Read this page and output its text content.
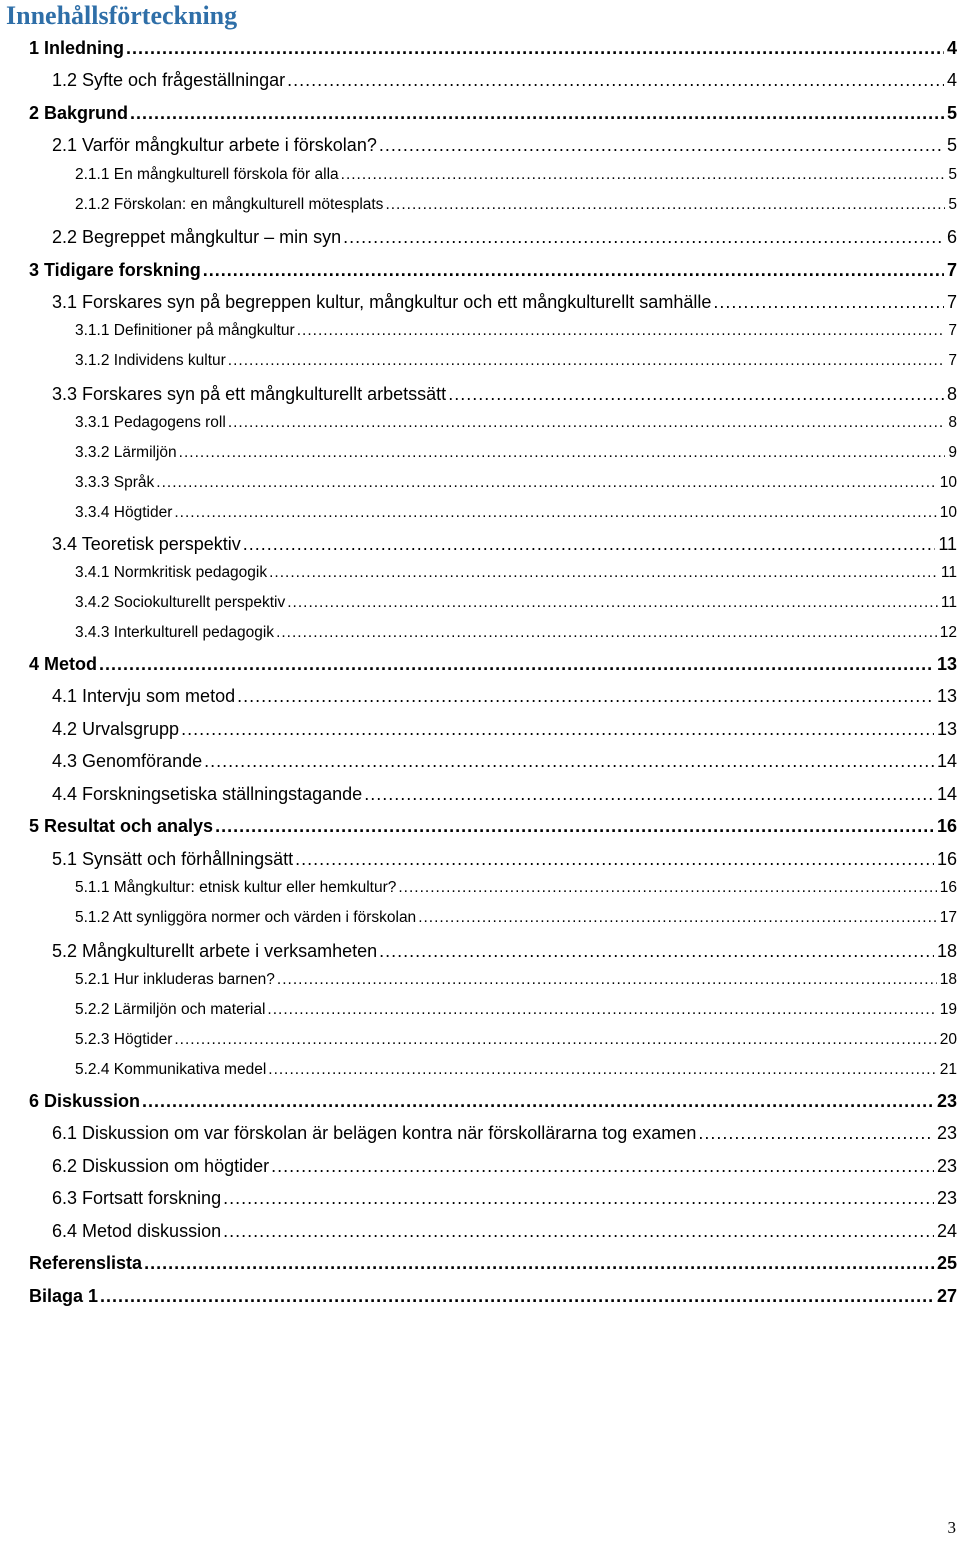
Innehållsförteckning
1 Inledning .....	4
1.2 Syfte och frågeställningar .....	4
2 Bakgrund .....	5
2.1 Varför mångkultur arbete i förskolan? .....	5
2.1.1 En mångkulturell förskola för alla .....	5
2.1.2 Förskolan: en mångkulturell mötesplats .....	5
2.2 Begreppet mångkultur – min syn .....	6
3 Tidigare forskning .....	7
3.1 Forskares syn på begreppen kultur, mångkultur och ett mångkulturellt samhälle .....	7
3.1.1 Definitioner på mångkultur .....	7
3.1.2 Individens kultur .....	7
3.3 Forskares syn på ett mångkulturellt arbetssätt .....	8
3.3.1 Pedagogens roll .....	8
3.3.2 Lärmiljön .....	9
3.3.3 Språk .....	10
3.3.4 Högtider .....	10
3.4 Teoretisk perspektiv .....	11
3.4.1 Normkritisk pedagogik .....	11
3.4.2 Sociokulturellt perspektiv .....	11
3.4.3 Interkulturell pedagogik .....	12
4 Metod .....	13
4.1 Intervju som metod .....	13
4.2 Urvalsgrupp .....	13
4.3 Genomförande .....	14
4.4 Forskningsetiska ställningstagande .....	14
5 Resultat och analys .....	16
5.1 Synsätt och förhållningsätt .....	16
5.1.1 Mångkultur: etnisk kultur eller hemkultur? .....	16
5.1.2 Att synliggöra normer och värden i förskolan .....	17
5.2 Mångkulturellt arbete i verksamheten .....	18
5.2.1 Hur inkluderas barnen? .....	18
5.2.2 Lärmiljön och material .....	19
5.2.3 Högtider .....	20
5.2.4 Kommunikativa medel .....	21
6 Diskussion .....	23
6.1 Diskussion om var förskolan är belägen kontra när förskollärarna tog examen .....	23
6.2 Diskussion om högtider .....	23
6.3 Fortsatt forskning .....	23
6.4 Metod diskussion .....	24
Referenslista .....	25
Bilaga 1 .....	27
3
